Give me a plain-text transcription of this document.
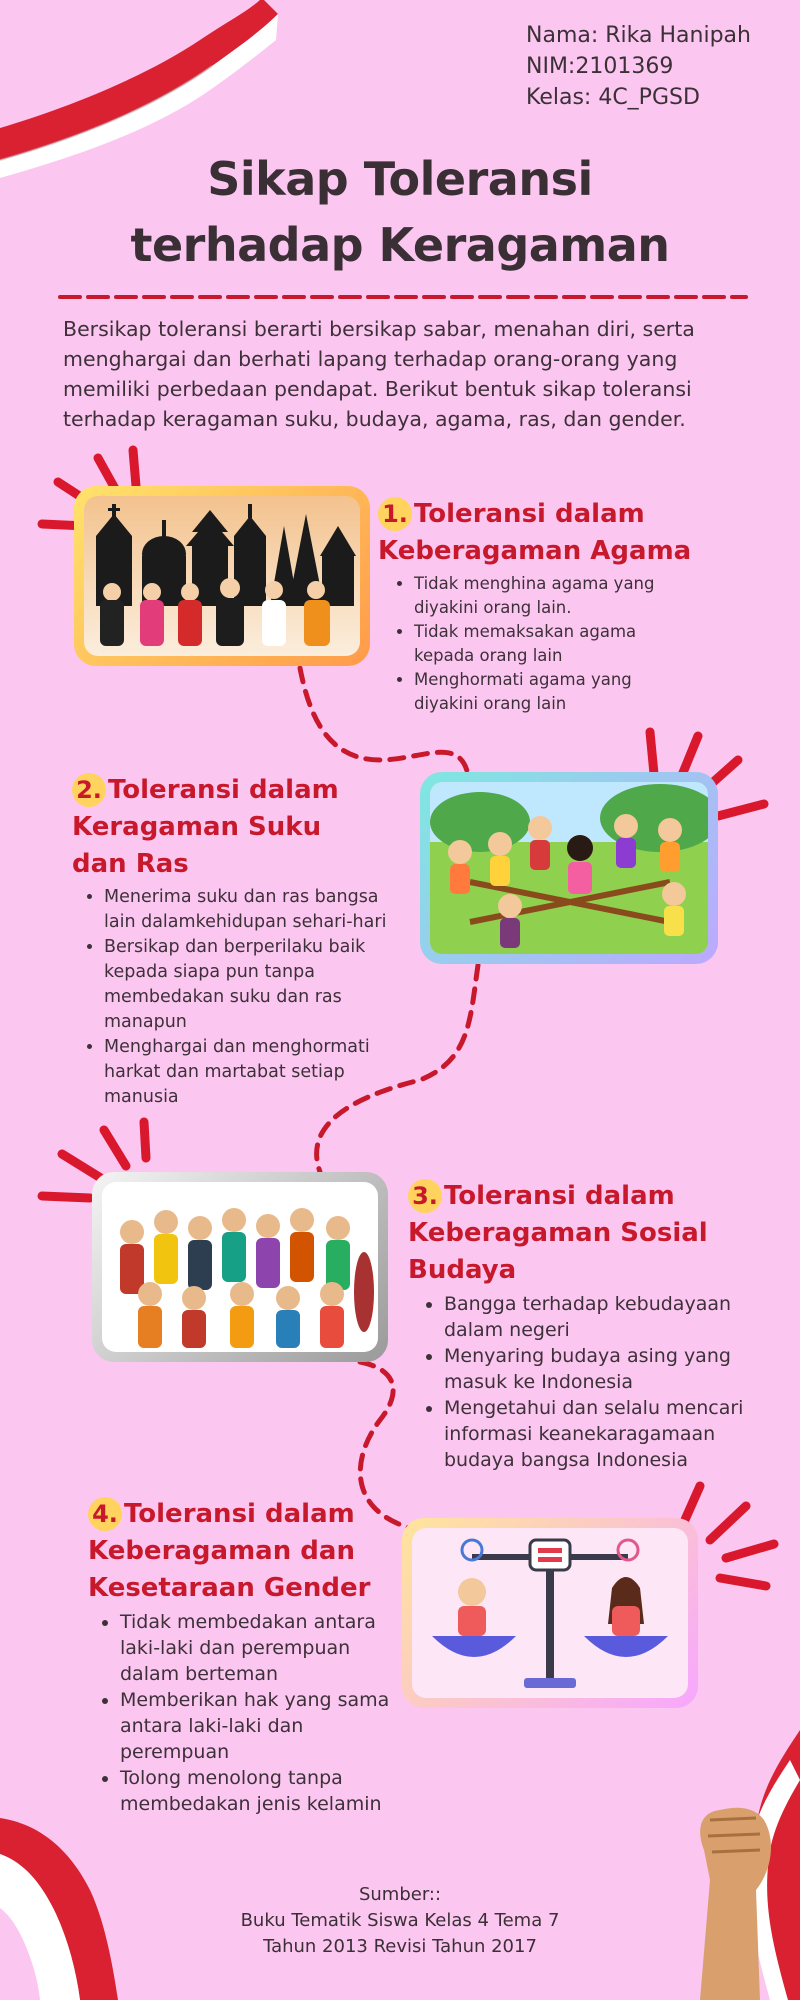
Nama: Rika Hanipah
NIM:2101369
Kelas: 4C_PGSD
Sikap Toleransi
terhadap Keragaman
Bersikap toleransi berarti bersikap sabar, menahan diri, serta menghargai dan berhati lapang terhadap orang-orang yang memiliki perbedaan pendapat. Berikut bentuk sikap toleransi terhadap keragaman suku, budaya, agama, ras, dan gender.
1. Toleransi dalam
Keberagaman Agama
• Tidak menghina agama yang diyakini orang lain.
• Tidak memaksakan agama kepada orang lain
• Menghormati agama yang diyakini orang lain
2. Toleransi dalam
Keragaman Suku
dan Ras
• Menerima suku dan ras bangsa lain dalamkehidupan sehari-hari
• Bersikap dan berperilaku baik kepada siapa pun tanpa membedakan suku dan ras manapun
• Menghargai dan menghormati harkat dan martabat setiap manusia
3. Toleransi dalam
Keberagaman Sosial
Budaya
• Bangga terhadap kebudayaan dalam negeri
• Menyaring budaya asing yang masuk ke Indonesia
• Mengetahui dan selalu mencari informasi keanekaragamaan budaya bangsa Indonesia
4. Toleransi dalam
Keberagaman dan
Kesetaraan Gender
• Tidak membedakan antara laki-laki dan perempuan dalam berteman
• Memberikan hak yang sama antara laki-laki dan perempuan
• Tolong menolong tanpa membedakan jenis kelamin
Sumber::
Buku Tematik Siswa Kelas 4 Tema 7
Tahun 2013 Revisi Tahun 2017
